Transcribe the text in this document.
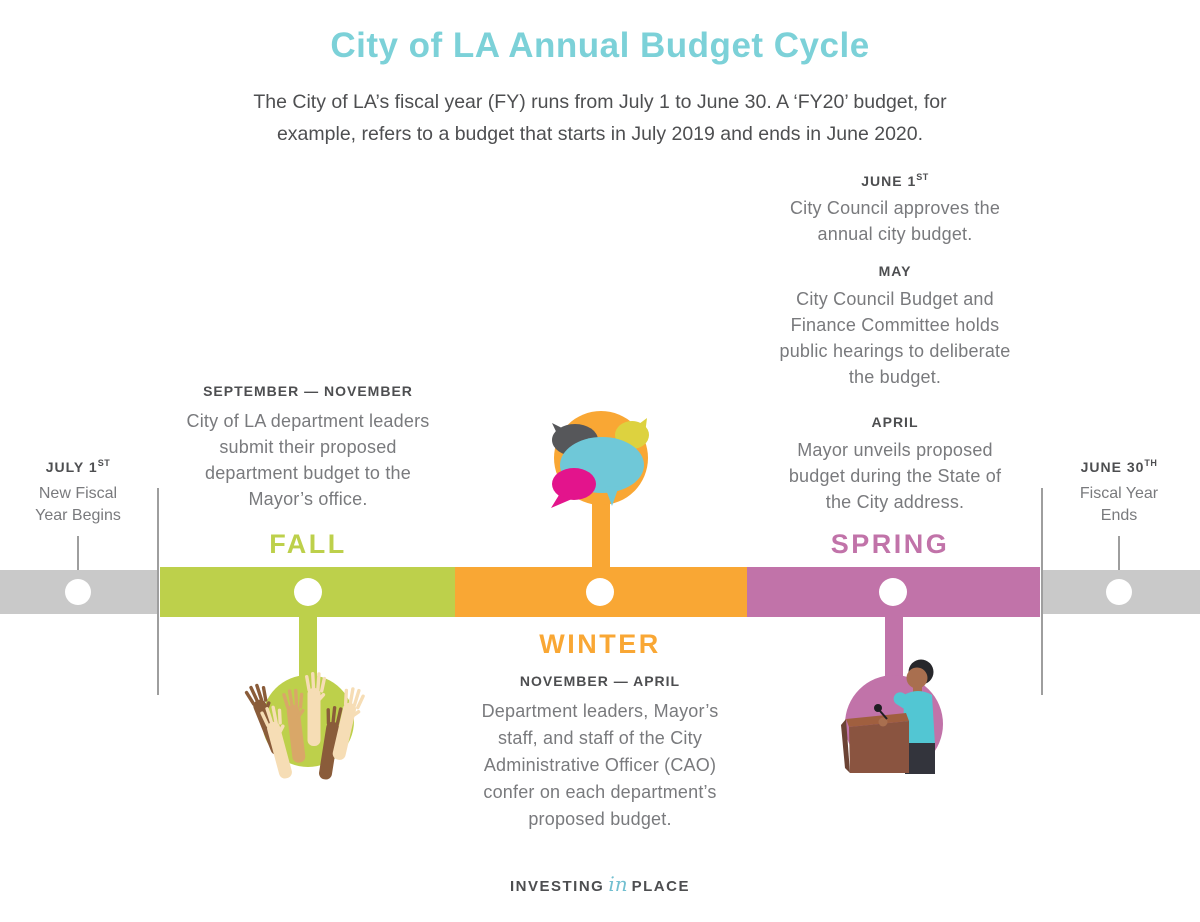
City of LA Annual Budget Cycle
The City of LA’s fiscal year (FY) runs from July 1 to June 30. A ‘FY20’ budget, for example, refers to a budget that starts in July 2019 and ends in June 2020.
JUNE 1ST
City Council approves the annual city budget.
MAY
City Council Budget and Finance Committee holds public hearings to deliberate the budget.
APRIL
Mayor unveils proposed budget during the State of the City address.
SEPTEMBER — NOVEMBER
City of LA department leaders submit their proposed department budget to the Mayor’s office.
NOVEMBER — APRIL
Department leaders, Mayor’s staff, and staff of the City Administrative Officer (CAO) confer on each department’s proposed budget.
FALL
WINTER
SPRING
JULY 1ST
New Fiscal Year Begins
JUNE 30TH
Fiscal Year Ends
INVESTING in PLACE
